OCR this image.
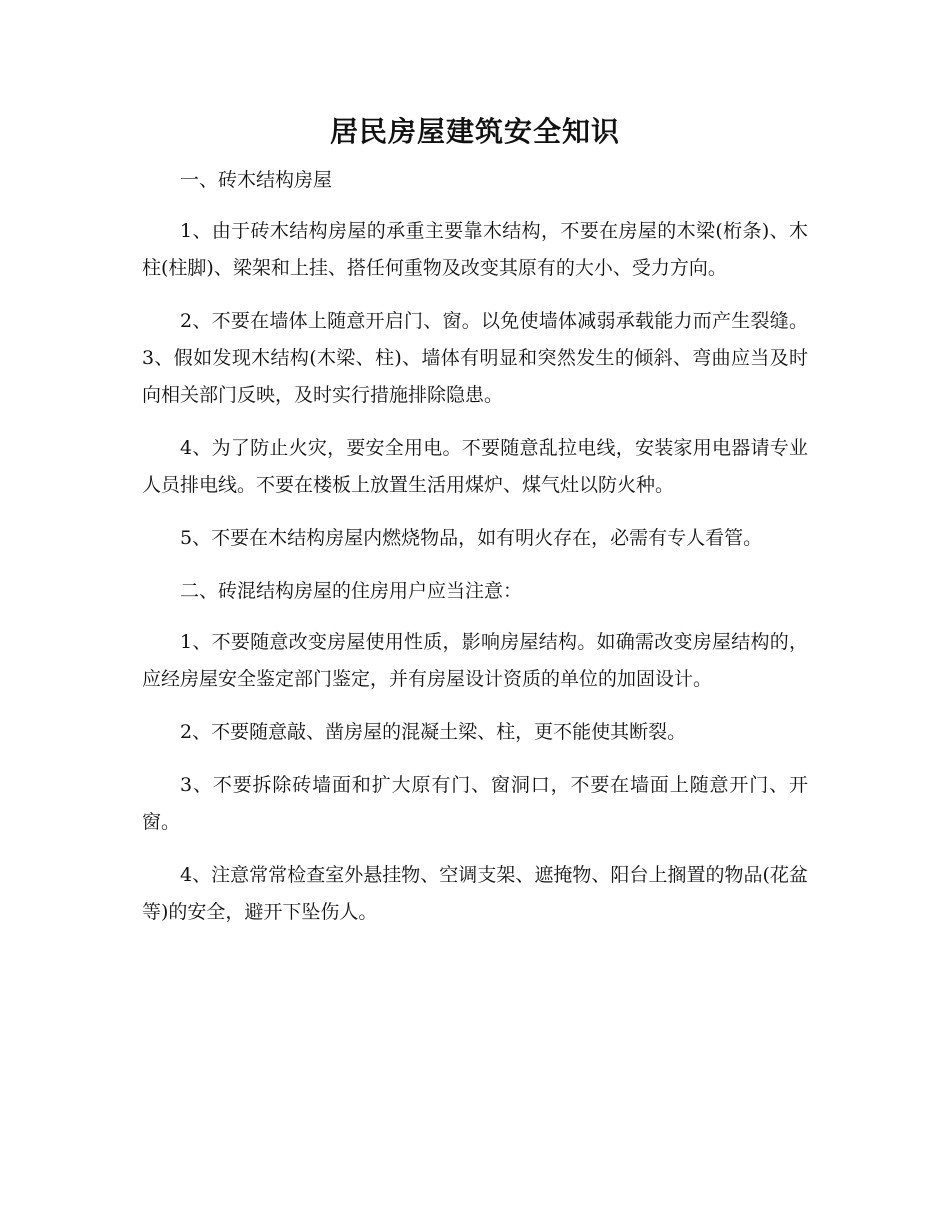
居民房屋建筑安全知识

一、砖木结构房屋

1、由于砖木结构房屋的承重主要靠木结构，不要在房屋的木梁(桁条)、木柱(柱脚)、梁架和上挂、搭任何重物及改变其原有的大小、受力方向。

2、不要在墙体上随意开启门、窗。以免使墙体减弱承载能力而产生裂缝。3、假如发现木结构(木梁、柱)、墙体有明显和突然发生的倾斜、弯曲应当及时向相关部门反映，及时实行措施排除隐患。

4、为了防止火灾，要安全用电。不要随意乱拉电线，安装家用电器请专业人员排电线。不要在楼板上放置生活用煤炉、煤气灶以防火种。

5、不要在木结构房屋内燃烧物品，如有明火存在，必需有专人看管。

二、砖混结构房屋的住房用户应当注意：

1、不要随意改变房屋使用性质，影响房屋结构。如确需改变房屋结构的，应经房屋安全鉴定部门鉴定，并有房屋设计资质的单位的加固设计。

2、不要随意敲、凿房屋的混凝土梁、柱，更不能使其断裂。

3、不要拆除砖墙面和扩大原有门、窗洞口，不要在墙面上随意开门、开窗。

4、注意常常检查室外悬挂物、空调支架、遮掩物、阳台上搁置的物品(花盆等)的安全，避开下坠伤人。
